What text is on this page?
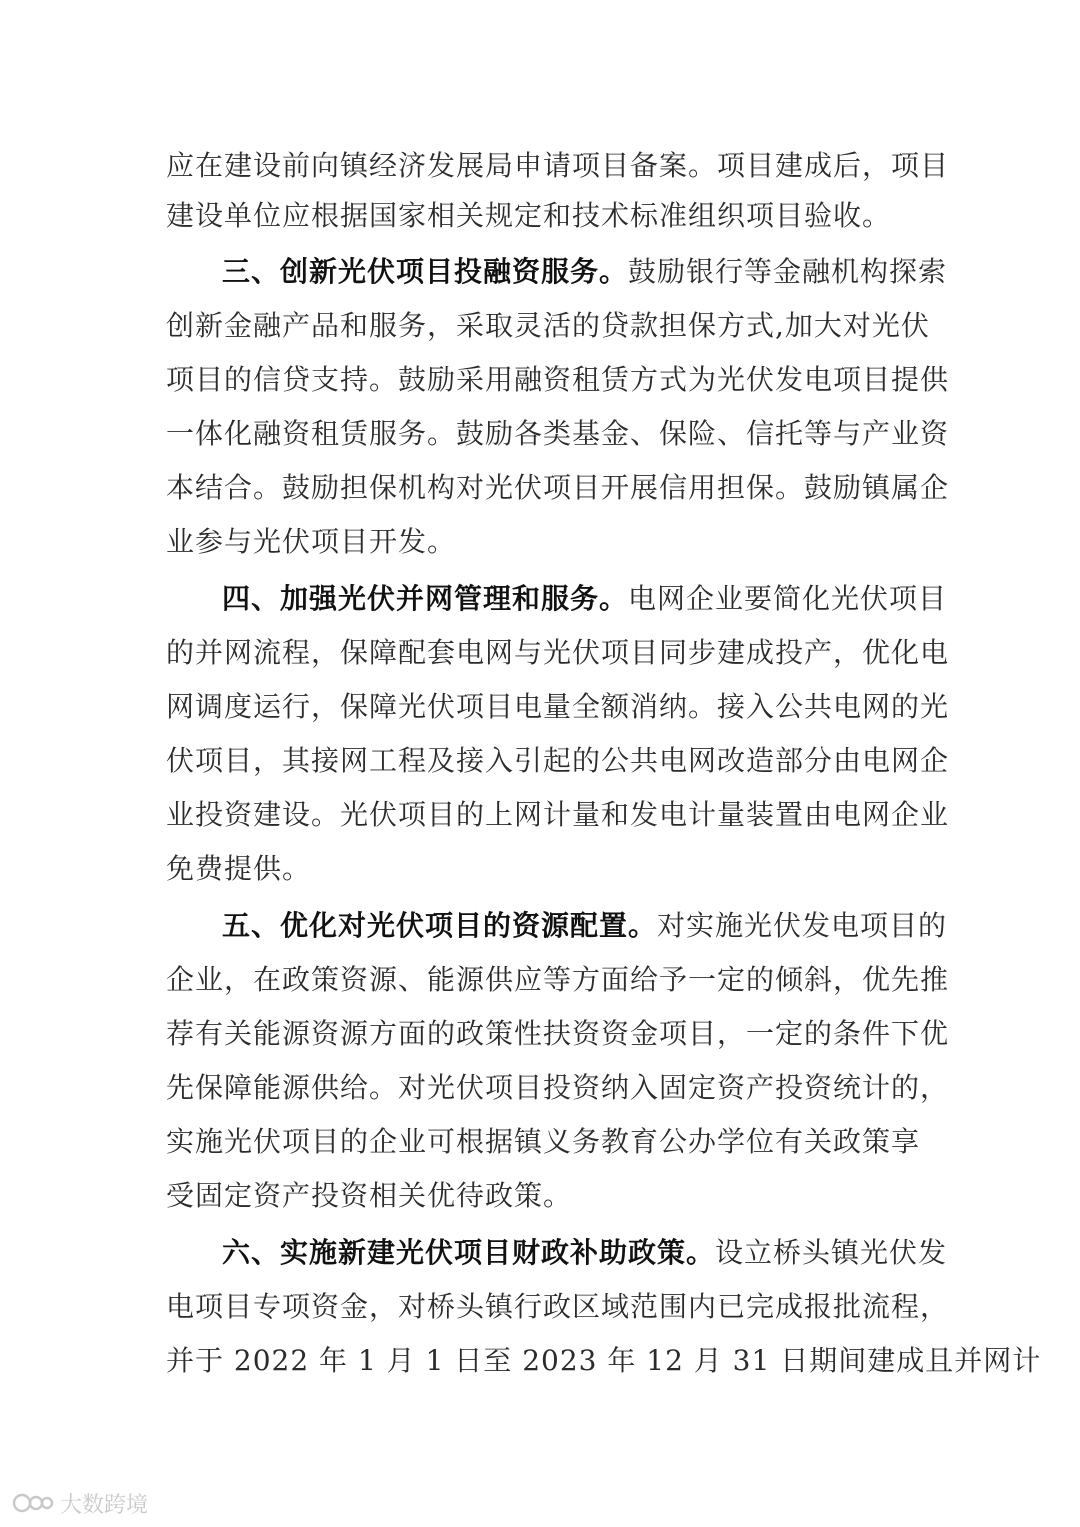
应在建设前向镇经济发展局申请项目备案。项目建成后，项目
建设单位应根据国家相关规定和技术标准组织项目验收。
三、创新光伏项目投融资服务。鼓励银行等金融机构探索
创新金融产品和服务，采取灵活的贷款担保方式,加大对光伏
项目的信贷支持。鼓励采用融资租赁方式为光伏发电项目提供
一体化融资租赁服务。鼓励各类基金、保险、信托等与产业资
本结合。鼓励担保机构对光伏项目开展信用担保。鼓励镇属企
业参与光伏项目开发。
四、加强光伏并网管理和服务。电网企业要简化光伏项目
的并网流程，保障配套电网与光伏项目同步建成投产，优化电
网调度运行，保障光伏项目电量全额消纳。接入公共电网的光
伏项目，其接网工程及接入引起的公共电网改造部分由电网企
业投资建设。光伏项目的上网计量和发电计量装置由电网企业
免费提供。
五、优化对光伏项目的资源配置。对实施光伏发电项目的
企业，在政策资源、能源供应等方面给予一定的倾斜，优先推
荐有关能源资源方面的政策性扶资资金项目，一定的条件下优
先保障能源供给。对光伏项目投资纳入固定资产投资统计的，
实施光伏项目的企业可根据镇义务教育公办学位有关政策享
受固定资产投资相关优待政策。
六、实施新建光伏项目财政补助政策。设立桥头镇光伏发
电项目专项资金，对桥头镇行政区域范围内已完成报批流程，
并于 2022 年 1 月 1 日至 2023 年 12 月 31 日期间建成且并网计
大数跨境
